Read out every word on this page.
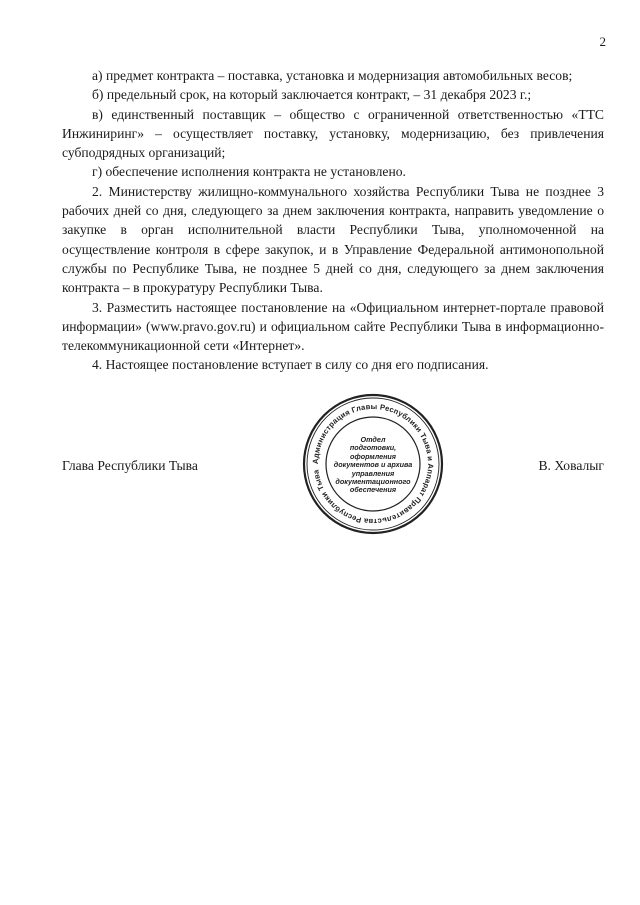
2

а) предмет контракта – поставка, установка и модернизация автомобильных весов;

б) предельный срок, на который заключается контракт, – 31 декабря 2023 г.;

в) единственный поставщик – общество с ограниченной ответственностью «ТТС Инжиниринг» – осуществляет поставку, установку, модернизацию, без привлечения субподрядных организаций;

г) обеспечение исполнения контракта не установлено.

2. Министерству жилищно-коммунального хозяйства Республики Тыва не позднее 3 рабочих дней со дня, следующего за днем заключения контракта, направить уведомление о закупке в орган исполнительной власти Республики Тыва, уполномоченной на осуществление контроля в сфере закупок, и в Управление Федеральной антимонопольной службы по Республике Тыва, не позднее 5 дней со дня, следующего за днем заключения контракта – в прокуратуру Республики Тыва.

3. Разместить настоящее постановление на «Официальном интернет-портале правовой информации» (www.pravo.gov.ru) и официальном сайте Республики Тыва в информационно-телекоммуникационной сети «Интернет».

4. Настоящее постановление вступает в силу со дня его подписания.

Глава Республики Тыва	В. Ховалыг
Администрация Главы Республики Тыва и Аппарат Правительства Республики Тыва
Отдел
подготовки,
оформления
документов и архива
управления
документационного
обеспечения
